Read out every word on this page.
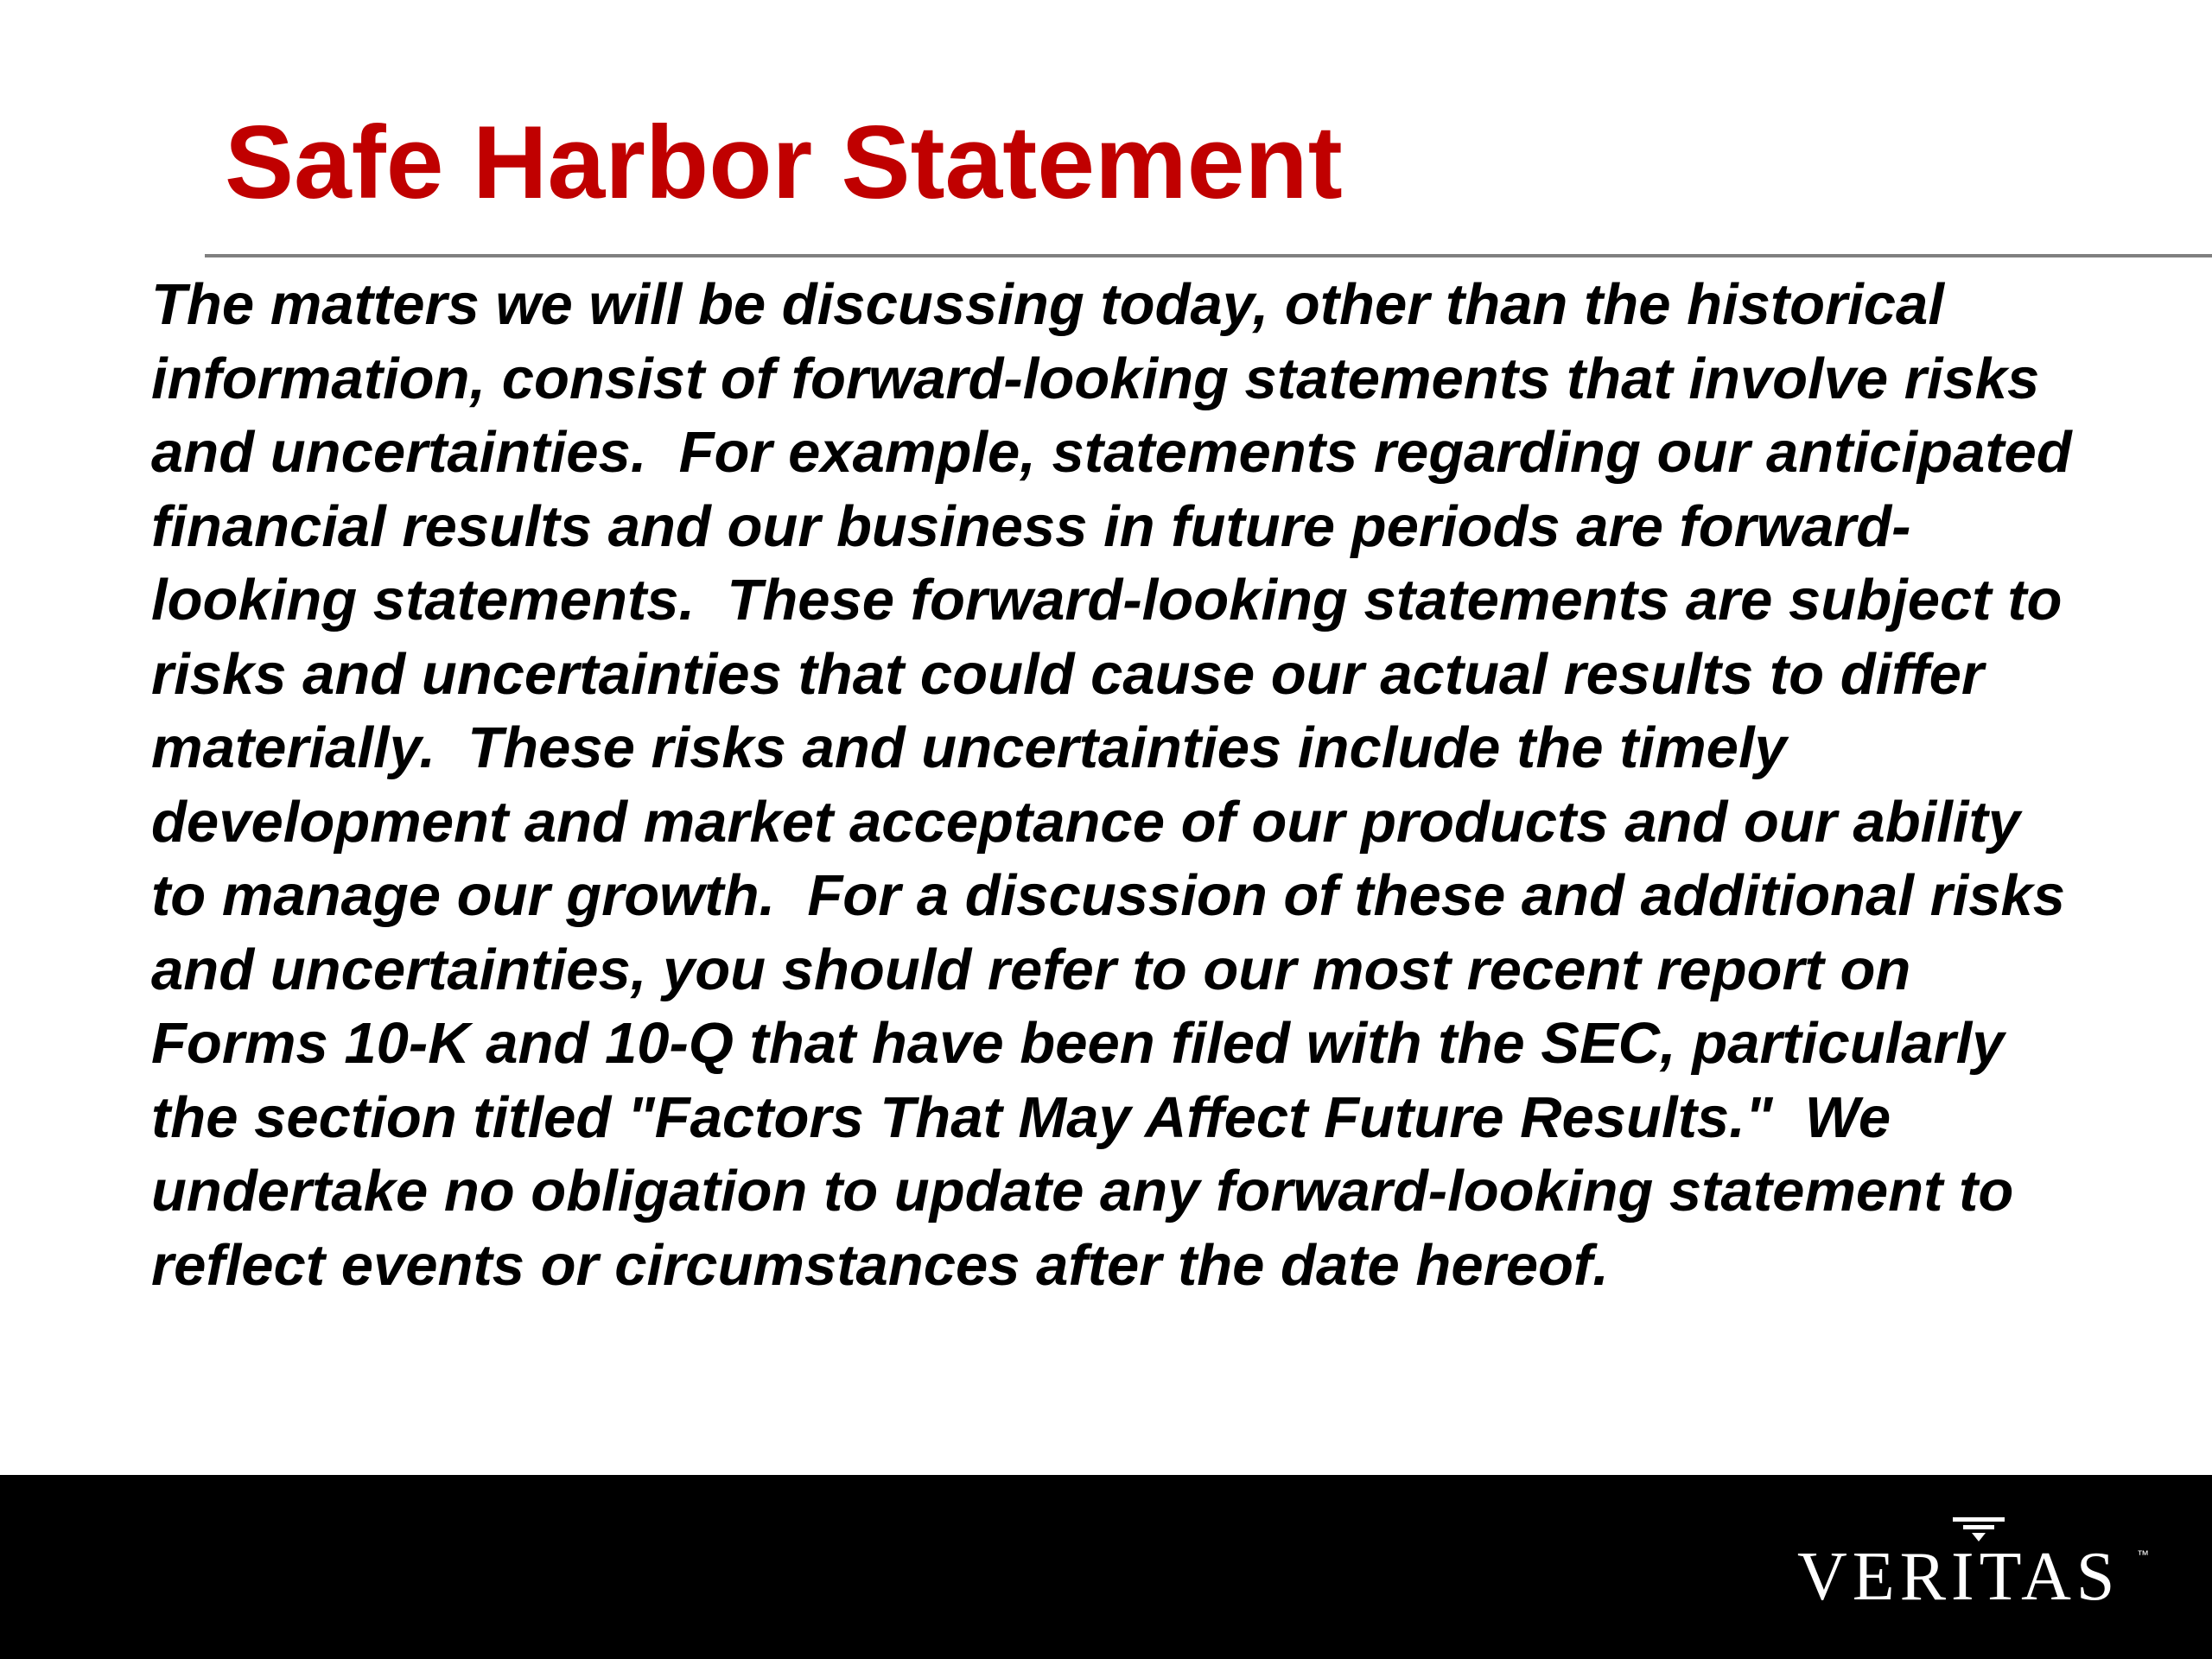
Safe Harbor Statement
The matters we will be discussing today, other than the historical
information, consist of forward-looking statements that involve risks
and uncertainties.  For example, statements regarding our anticipated
financial results and our business in future periods are forward-
looking statements.  These forward-looking statements are subject to
risks and uncertainties that could cause our actual results to differ
materially.  These risks and uncertainties include the timely
development and market acceptance of our products and our ability
to manage our growth.  For a discussion of these and additional risks
and uncertainties, you should refer to our most recent report on
Forms 10-K and 10-Q that have been filed with the SEC, particularly
the section titled "Factors That May Affect Future Results."  We
undertake no obligation to update any forward-looking statement to
reflect events or circumstances after the date hereof.
VERITAS ™
